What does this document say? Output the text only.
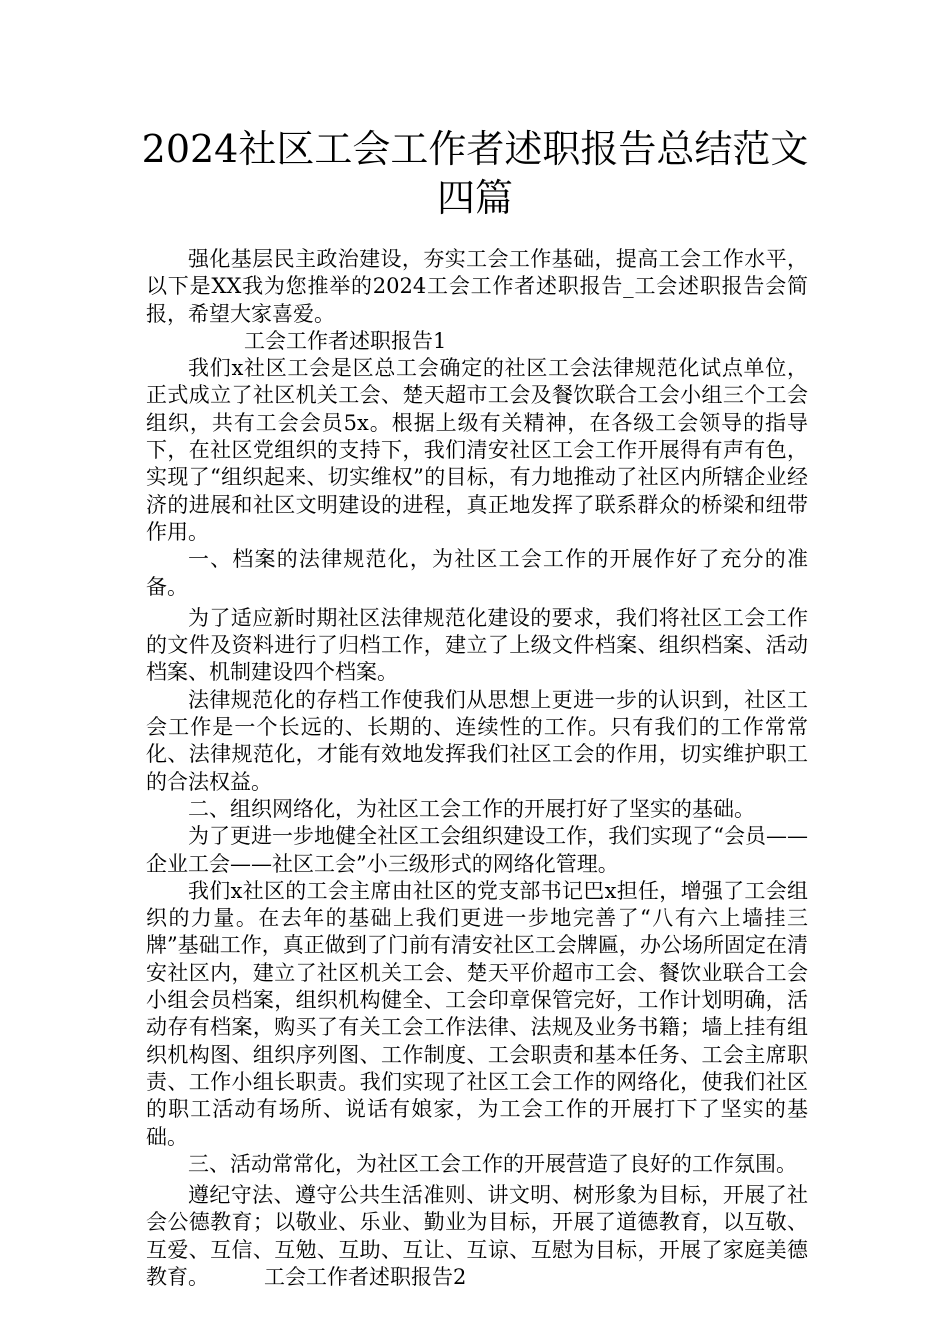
2024社区工会工作者述职报告总结范文四篇

强化基层民主政治建设，夯实工会工作基础，提高工会工作水平，以下是XX我为您推举的2024工会工作者述职报告_工会述职报告会简报，希望大家喜爱。

工会工作者述职报告1

我们x社区工会是区总工会确定的社区工会法律规范化试点单位，正式成立了社区机关工会、楚天超市工会及餐饮联合工会小组三个工会组织，共有工会会员5x。根据上级有关精神，在各级工会领导的指导下，在社区党组织的支持下，我们清安社区工会工作开展得有声有色，实现了“组织起来、切实维权”的目标，有力地推动了社区内所辖企业经济的进展和社区文明建设的进程，真正地发挥了联系群众的桥梁和纽带作用。

一、档案的法律规范化，为社区工会工作的开展作好了充分的准备。

为了适应新时期社区法律规范化建设的要求，我们将社区工会工作的文件及资料进行了归档工作，建立了上级文件档案、组织档案、活动档案、机制建设四个档案。

法律规范化的存档工作使我们从思想上更进一步的认识到，社区工会工作是一个长远的、长期的、连续性的工作。只有我们的工作常常化、法律规范化，才能有效地发挥我们社区工会的作用，切实维护职工的合法权益。

二、组织网络化，为社区工会工作的开展打好了坚实的基础。

为了更进一步地健全社区工会组织建设工作，我们实现了“会员——企业工会——社区工会”小三级形式的网络化管理。

我们x社区的工会主席由社区的党支部书记巴x担任，增强了工会组织的力量。在去年的基础上我们更进一步地完善了“八有六上墙挂三牌”基础工作，真正做到了门前有清安社区工会牌匾，办公场所固定在清安社区内，建立了社区机关工会、楚天平价超市工会、餐饮业联合工会小组会员档案，组织机构健全、工会印章保管完好，工作计划明确，活动存有档案，购买了有关工会工作法律、法规及业务书籍；墙上挂有组织机构图、组织序列图、工作制度、工会职责和基本任务、工会主席职责、工作小组长职责。我们实现了社区工会工作的网络化，使我们社区的职工活动有场所、说话有娘家，为工会工作的开展打下了坚实的基础。

三、活动常常化，为社区工会工作的开展营造了良好的工作氛围。

遵纪守法、遵守公共生活准则、讲文明、树形象为目标，开展了社会公德教育；以敬业、乐业、勤业为目标，开展了道德教育，以互敬、互爱、互信、互勉、互助、互让、互谅、互慰为目标，开展了家庭美德教育。	工会工作者述职报告2
